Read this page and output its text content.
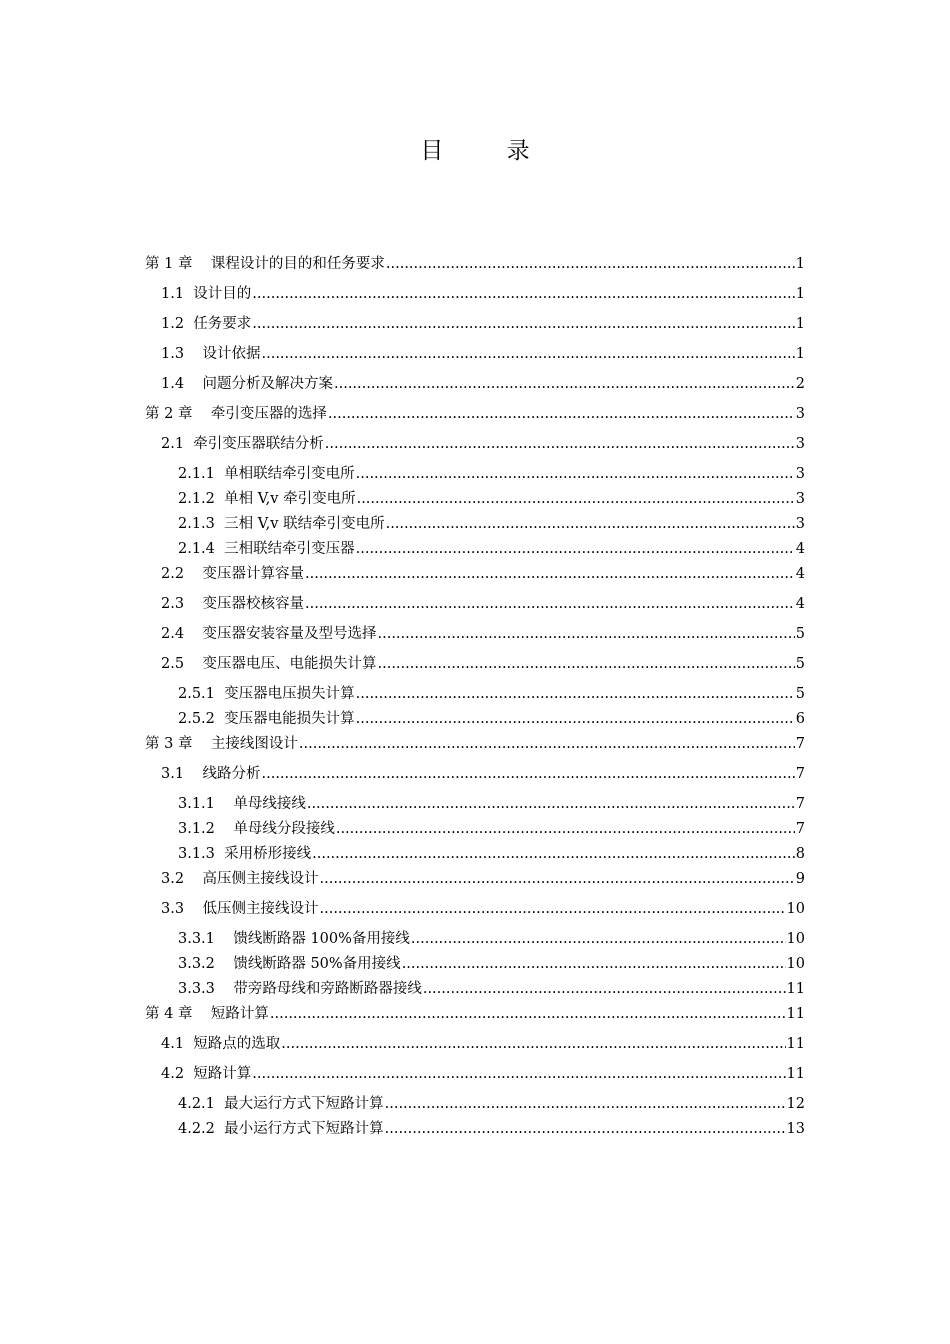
目 录
第 1 章 课程设计的目的和任务要求 .....	1
1.1 设计目的 .....	1
1.2 任务要求 .....	1
1.3 设计依据 .....	1
1.4 问题分析及解决方案 .....	2
第 2 章 牵引变压器的选择 .....	3
2.1 牵引变压器联结分析 .....	3
2.1.1 单相联结牵引变电所 .....	3
2.1.2 单相 V,v 牵引变电所 .....	3
2.1.3 三相 V,v 联结牵引变电所 .....	3
2.1.4 三相联结牵引变压器 .....	4
2.2 变压器计算容量 .....	4
2.3 变压器校核容量 .....	4
2.4 变压器安装容量及型号选择 .....	5
2.5 变压器电压、电能损失计算 .....	5
2.5.1 变压器电压损失计算 .....	5
2.5.2 变压器电能损失计算 .....	6
第 3 章 主接线图设计 .....	7
3.1 线路分析 .....	7
3.1.1 单母线接线 .....	7
3.1.2 单母线分段接线 .....	7
3.1.3 采用桥形接线 .....	8
3.2 高压侧主接线设计 .....	9
3.3 低压侧主接线设计 .....	10
3.3.1 馈线断路器 100%备用接线 .....	10
3.3.2 馈线断路器 50%备用接线 .....	10
3.3.3 带旁路母线和旁路断路器接线 .....	11
第 4 章 短路计算 .....	11
4.1 短路点的选取 .....	11
4.2 短路计算 .....	11
4.2.1 最大运行方式下短路计算 .....	12
4.2.2 最小运行方式下短路计算 .....	13
